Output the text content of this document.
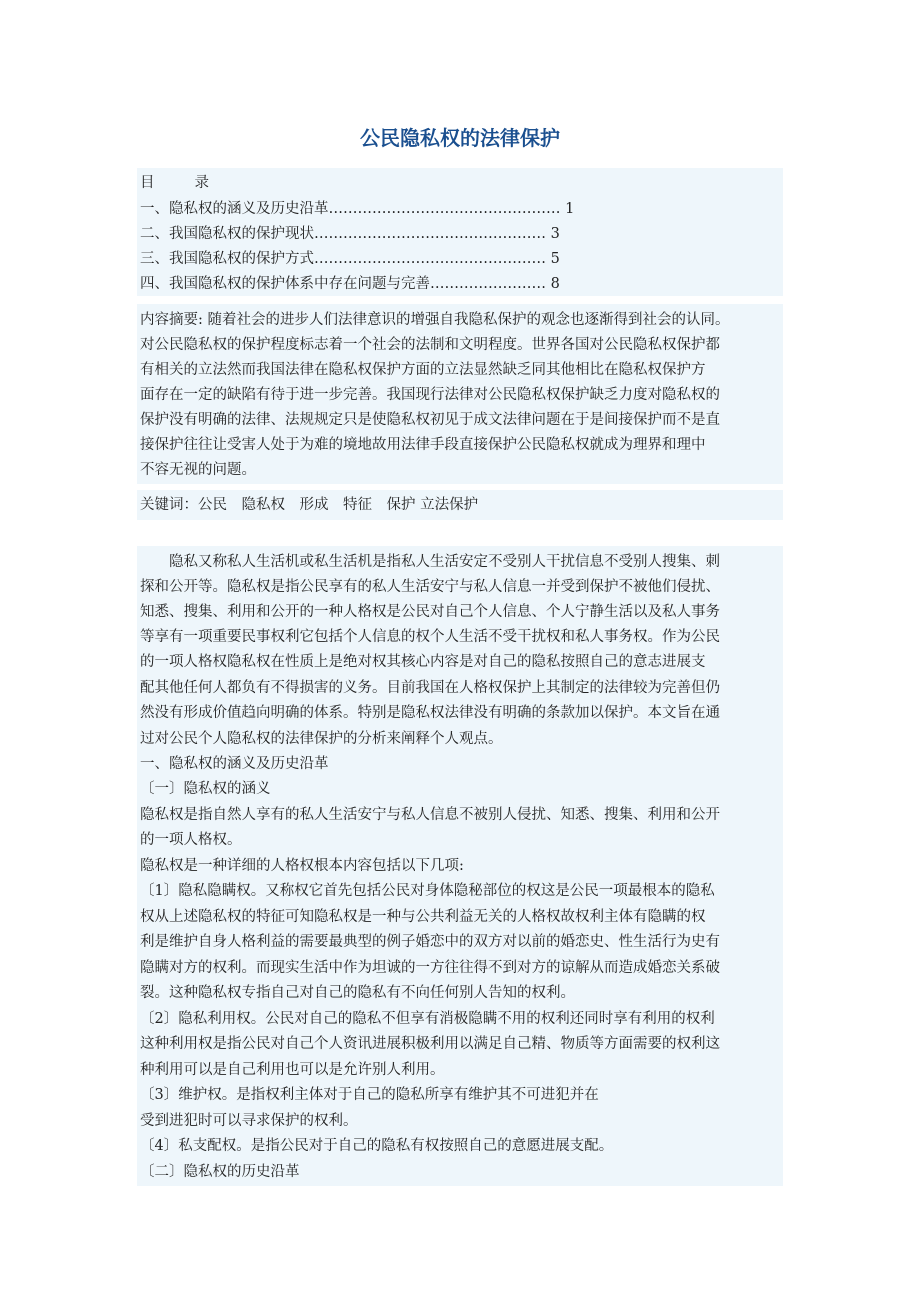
公民隐私权的法律保护
目	录
一、隐私权的涵义及历史沿革………………………………………… 1
二、我国隐私权的保护现状………………………………………… 3
三、我国隐私权的保护方式………………………………………… 5
四、我国隐私权的保护体系中存在问题与完善…………………… 8
内容摘要: 随着社会的进步人们法律意识的增强自我隐私保护的观念也逐渐得到社会的认同。
对公民隐私权的保护程度标志着一个社会的法制和文明程度。世界各国对公民隐私权保护都
有相关的立法然而我国法律在隐私权保护方面的立法显然缺乏同其他相比在隐私权保护方
面存在一定的缺陷有待于进一步完善。我国现行法律对公民隐私权保护缺乏力度对隐私权的
保护没有明确的法律、法规规定只是使隐私权初见于成文法律问题在于是间接保护而不是直
接保护往往让受害人处于为难的境地故用法律手段直接保护公民隐私权就成为理界和理中
不容无视的问题。
关键词：公民　隐私权　形成　特征　保护 立法保护
　　隐私又称私人生活机或私生活机是指私人生活安定不受别人干扰信息不受别人搜集、刺
探和公开等。隐私权是指公民享有的私人生活安宁与私人信息一并受到保护不被他们侵扰、
知悉、搜集、利用和公开的一种人格权是公民对自己个人信息、个人宁静生活以及私人事务
等享有一项重要民事权利它包括个人信息的权个人生活不受干扰权和私人事务权。作为公民
的一项人格权隐私权在性质上是绝对权其核心内容是对自己的隐私按照自己的意志进展支
配其他任何人都负有不得损害的义务。目前我国在人格权保护上其制定的法律较为完善但仍
然没有形成价值趋向明确的体系。特别是隐私权法律没有明确的条款加以保护。本文旨在通
过对公民个人隐私权的法律保护的分析来阐释个人观点。
一、隐私权的涵义及历史沿革
〔一〕隐私权的涵义
隐私权是指自然人享有的私人生活安宁与私人信息不被别人侵扰、知悉、搜集、利用和公开
的一项人格权。
隐私权是一种详细的人格权根本内容包括以下几项:
〔1〕隐私隐瞒权。又称权它首先包括公民对身体隐秘部位的权这是公民一项最根本的隐私
权从上述隐私权的特征可知隐私权是一种与公共利益无关的人格权故权利主体有隐瞒的权
利是维护自身人格利益的需要最典型的例子婚恋中的双方对以前的婚恋史、性生活行为史有
隐瞒对方的权利。而现实生活中作为坦诚的一方往往得不到对方的谅解从而造成婚恋关系破
裂。这种隐私权专指自己对自己的隐私有不向任何别人告知的权利。
〔2〕隐私利用权。公民对自己的隐私不但享有消极隐瞒不用的权利还同时享有利用的权利
这种利用权是指公民对自己个人资讯进展积极利用以满足自己精、物质等方面需要的权利这
种利用可以是自己利用也可以是允许别人利用。
〔3〕维护权。是指权利主体对于自己的隐私所享有维护其不可进犯并在
受到进犯时可以寻求保护的权利。
〔4〕私支配权。是指公民对于自己的隐私有权按照自己的意愿进展支配。
〔二〕隐私权的历史沿革
